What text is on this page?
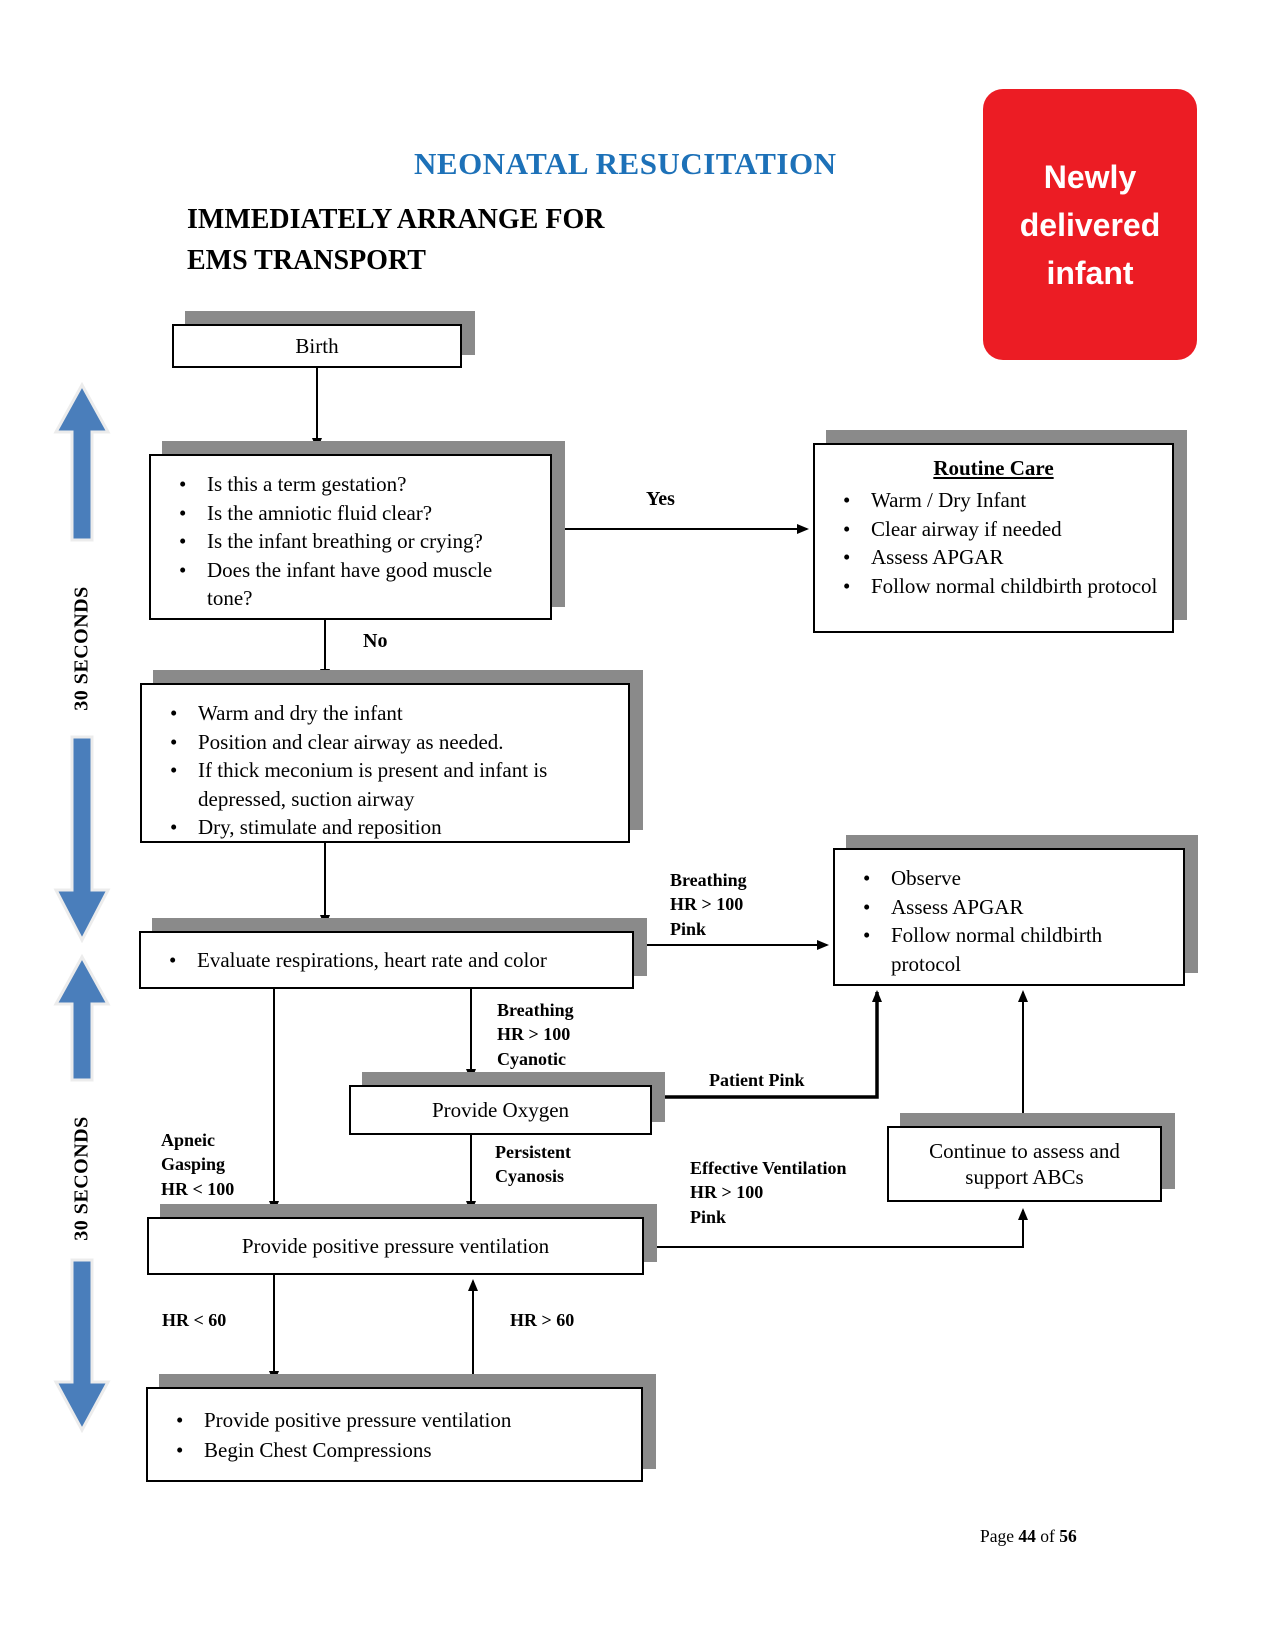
30 SECONDS
30 SECONDS
NEONATAL RESUCITATION
IMMEDIATELY ARRANGE FOR
EMS TRANSPORT
Newly
delivered
infant
Birth
• Is this a term gestation?
• Is the amniotic fluid clear?
• Is the infant breathing or crying?
• Does the infant have good muscle tone?
Routine Care
• Warm / Dry Infant
• Clear airway if needed
• Assess APGAR
• Follow normal childbirth protocol
• Warm and dry the infant
• Position and clear airway as needed.
• If thick meconium is present and infant is depressed, suction airway
• Dry, stimulate and reposition
• Evaluate respirations, heart rate and color
• Observe
• Assess APGAR
• Follow normal childbirth protocol
Provide Oxygen
Continue to assess and support ABCs
Provide positive pressure ventilation
• Provide positive pressure ventilation
• Begin Chest Compressions
Yes
No
Breathing
HR > 100
Pink
Breathing
HR > 100
Cyanotic
Apneic
Gasping
HR < 100
Patient Pink
Persistent
Cyanosis	Effective Ventilation
HR > 100
Pink
HR < 60	HR > 60
Page 44 of 56
